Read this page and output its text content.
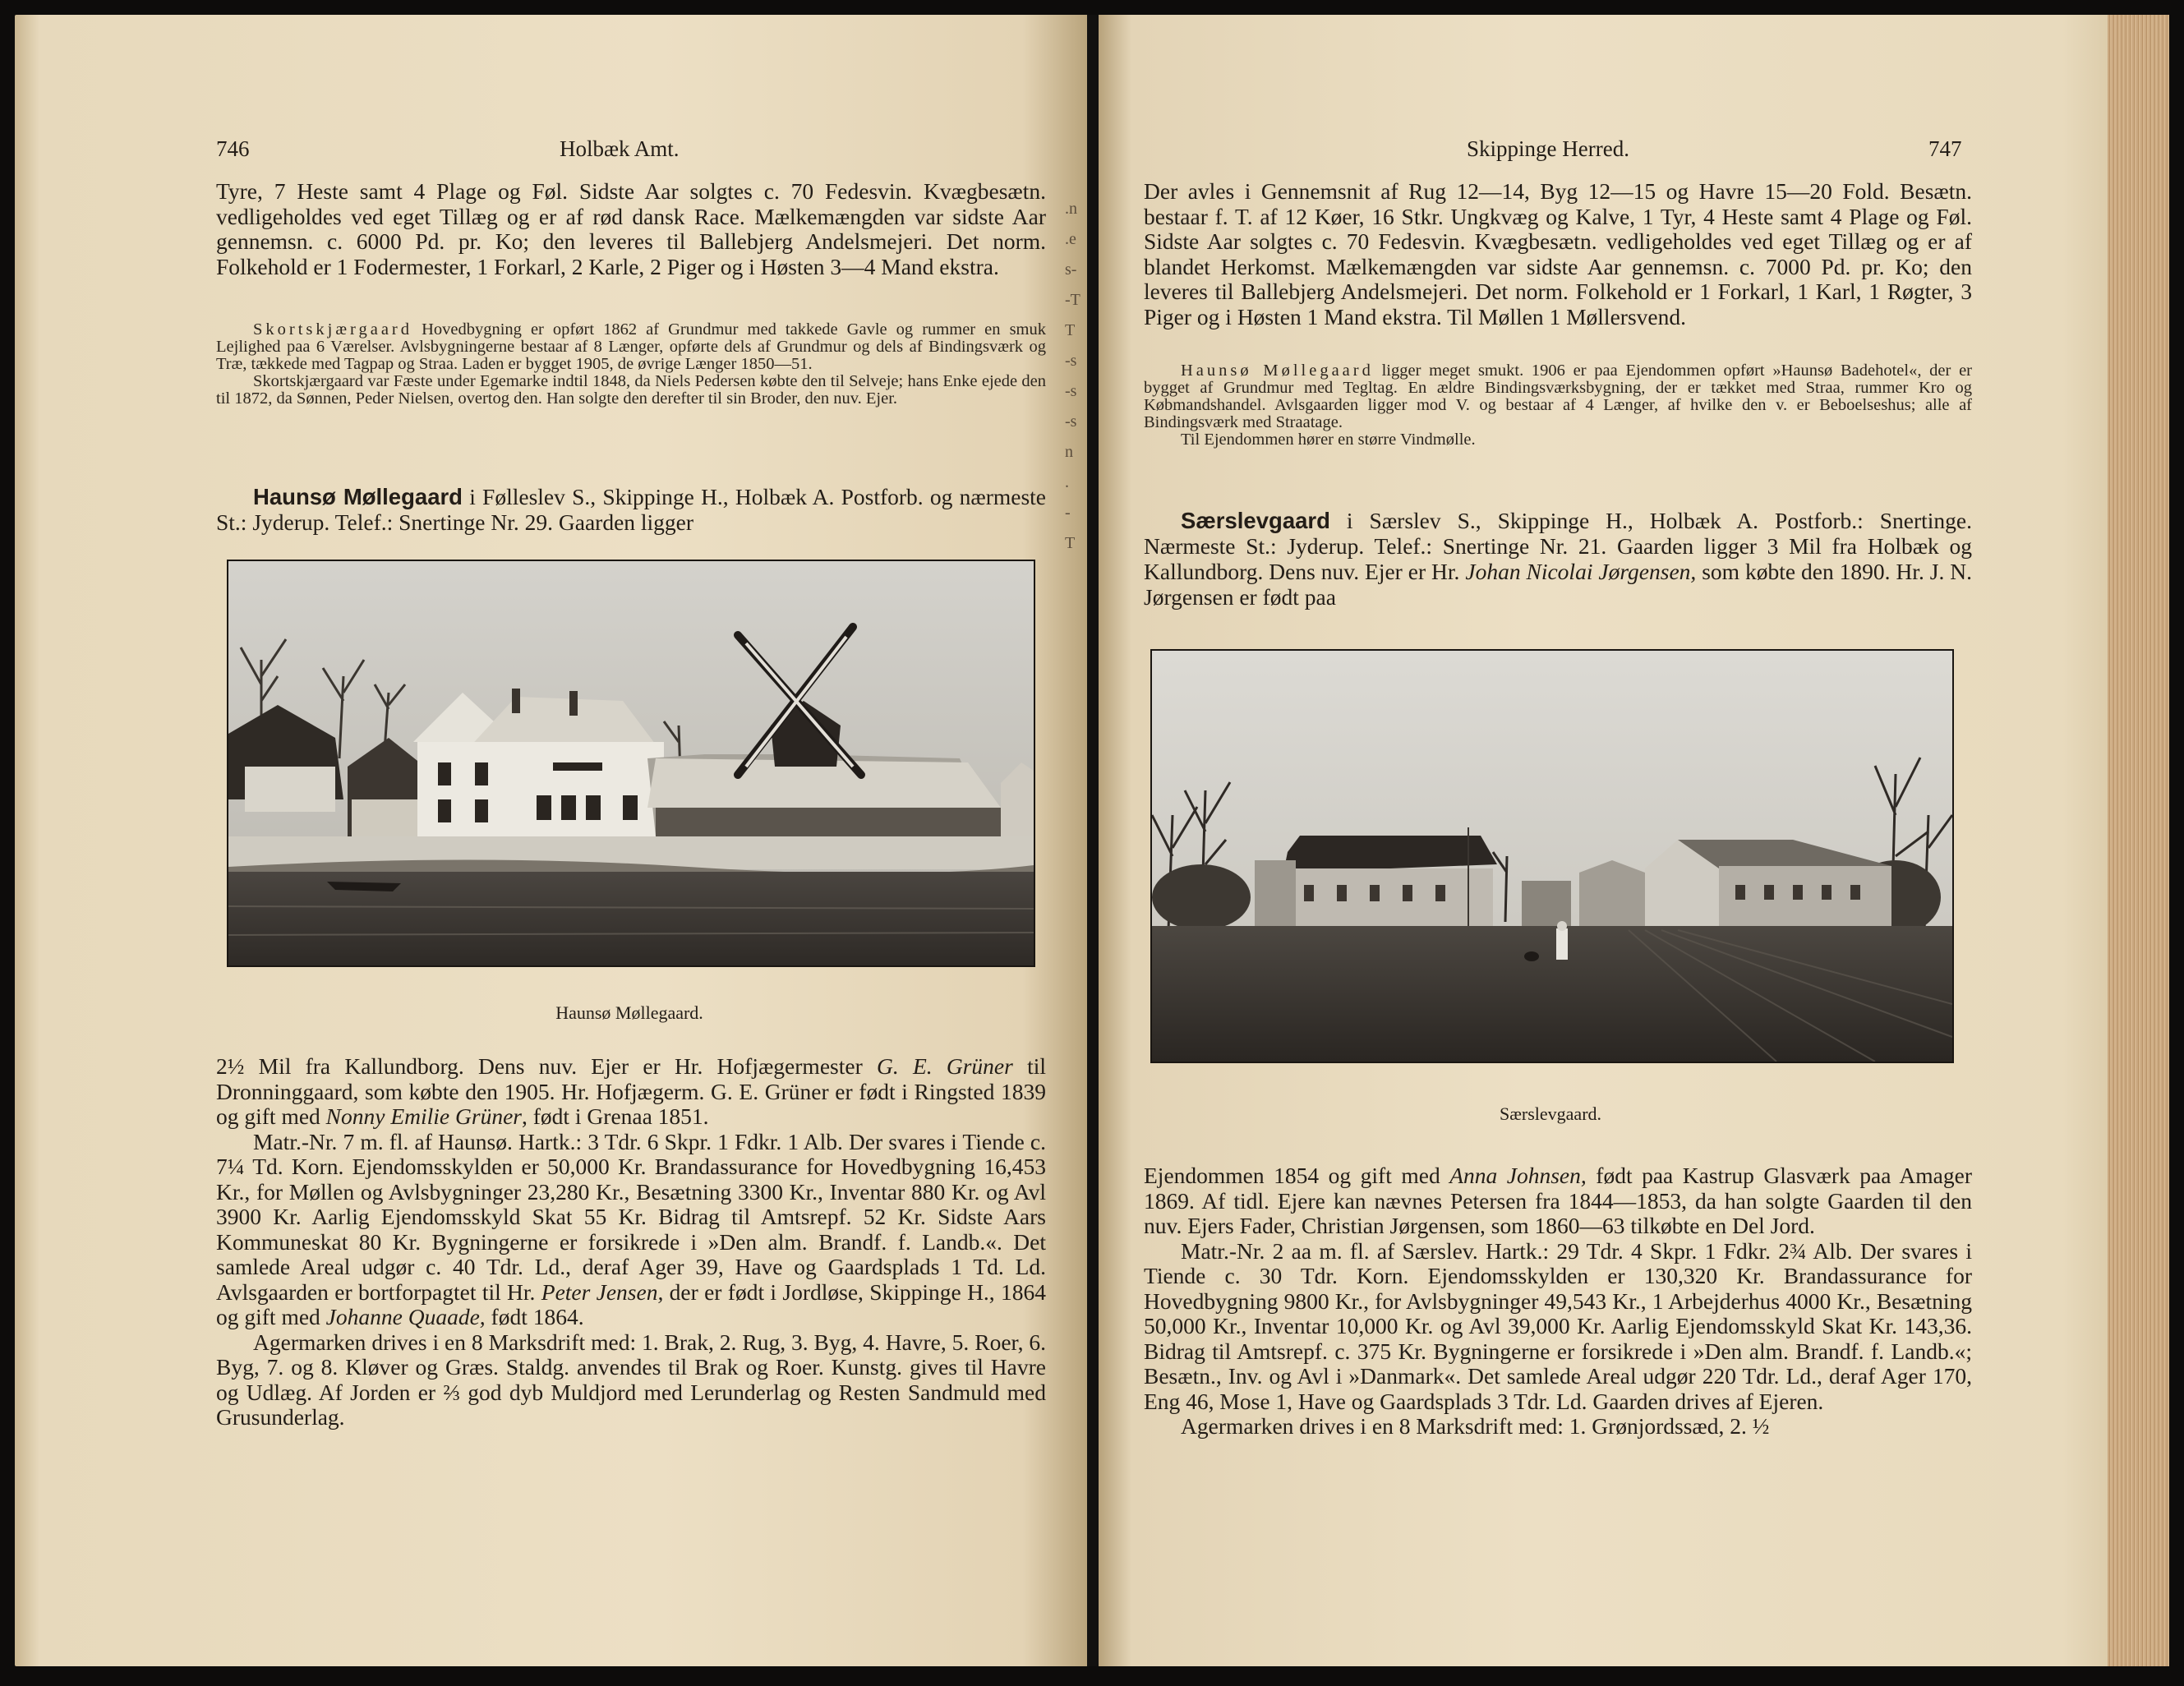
746	Holbæk Amt.

Tyre, 7 Heste samt 4 Plage og Føl. Sidste Aar solgtes c. 70 Fedesvin. Kvægbesætn. vedligeholdes ved eget Tillæg og er af rød dansk Race. Mælkemængden var sidste Aar gennemsn. c. 6000 Pd. pr. Ko; den leveres til Ballebjerg Andelsmejeri. Det norm. Folkehold er 1 Fodermester, 1 Forkarl, 2 Karle, 2 Piger og i Høsten 3—4 Mand ekstra.

Skortskjærgaard Hovedbygning er opført 1862 af Grundmur med takkede Gavle og rummer en smuk Lejlighed paa 6 Værelser. Avlsbygningerne bestaar af 8 Længer, opførte dels af Grundmur og dels af Bindingsværk og Træ, tækkede med Tagpap og Straa. Laden er bygget 1905, de øvrige Længer 1850—51.

Skortskjærgaard var Fæste under Egemarke indtil 1848, da Niels Pedersen købte den til Selveje; hans Enke ejede den til 1872, da Sønnen, Peder Nielsen, overtog den. Han solgte den derefter til sin Broder, den nuv. Ejer.

Haunsø Møllegaard i Følleslev S., Skippinge H., Holbæk A. Postforb. og nærmeste St.: Jyderup. Telef.: Snertinge Nr. 29. Gaarden ligger

Haunsø Møllegaard.

2½ Mil fra Kallundborg. Dens nuv. Ejer er Hr. Hofjægermester G. E. Grüner til Dronninggaard, som købte den 1905. Hr. Hofjægerm. G. E. Grüner er født i Ringsted 1839 og gift med Nonny Emilie Grüner, født i Grenaa 1851.

Matr.-Nr. 7 m. fl. af Haunsø. Hartk.: 3 Tdr. 6 Skpr. 1 Fdkr. 1 Alb. Der svares i Tiende c. 7¼ Td. Korn. Ejendomsskylden er 50,000 Kr. Brandassurance for Hovedbygning 16,453 Kr., for Møllen og Avlsbygninger 23,280 Kr., Besætning 3300 Kr., Inventar 880 Kr. og Avl 3900 Kr. Aarlig Ejendomsskyld Skat 55 Kr. Bidrag til Amtsrepf. 52 Kr. Sidste Aars Kommuneskat 80 Kr. Bygningerne er forsikrede i »Den alm. Brandf. f. Landb.«. Det samlede Areal udgør c. 40 Tdr. Ld., deraf Ager 39, Have og Gaardsplads 1 Td. Ld. Avlsgaarden er bortforpagtet til Hr. Peter Jensen, der er født i Jordløse, Skippinge H., 1864 og gift med Johanne Quaade, født 1864.

Agermarken drives i en 8 Marksdrift med: 1. Brak, 2. Rug, 3. Byg, 4. Havre, 5. Roer, 6. Byg, 7. og 8. Kløver og Græs. Staldg. anvendes til Brak og Roer. Kunstg. gives til Havre og Udlæg. Af Jorden er ⅔ god dyb Muldjord med Lerunderlag og Resten Sandmuld med Grusunderlag.

.n
.e
s-
-T
T
-s
-s
-s
n
.
-
T
Skippinge Herred.	747

Der avles i Gennemsnit af Rug 12—14, Byg 12—15 og Havre 15—20 Fold. Besætn. bestaar f. T. af 12 Køer, 16 Stkr. Ungkvæg og Kalve, 1 Tyr, 4 Heste samt 4 Plage og Føl. Sidste Aar solgtes c. 70 Fedesvin. Kvægbesætn. vedligeholdes ved eget Tillæg og er af blandet Herkomst. Mælkemængden var sidste Aar gennemsn. c. 7000 Pd. pr. Ko; den leveres til Ballebjerg Andelsmejeri. Det norm. Folkehold er 1 Forkarl, 1 Karl, 1 Røgter, 3 Piger og i Høsten 1 Mand ekstra. Til Møllen 1 Møllersvend.

Haunsø Møllegaard ligger meget smukt. 1906 er paa Ejendommen opført »Haunsø Badehotel«, der er bygget af Grundmur med Tegltag. En ældre Bindingsværksbygning, der er tækket med Straa, rummer Kro og Købmandshandel. Avlsgaarden ligger mod V. og bestaar af 4 Længer, af hvilke den v. er Beboelseshus; alle af Bindingsværk med Straatage.

Til Ejendommen hører en større Vindmølle.

Særslevgaard i Særslev S., Skippinge H., Holbæk A. Postforb.: Snertinge. Nærmeste St.: Jyderup. Telef.: Snertinge Nr. 21. Gaarden ligger 3 Mil fra Holbæk og Kallundborg. Dens nuv. Ejer er Hr. Johan Nicolai Jørgensen, som købte den 1890. Hr. J. N. Jørgensen er født paa

Særslevgaard.

Ejendommen 1854 og gift med Anna Johnsen, født paa Kastrup Glasværk paa Amager 1869. Af tidl. Ejere kan nævnes Petersen fra 1844—1853, da han solgte Gaarden til den nuv. Ejers Fader, Christian Jørgensen, som 1860—63 tilkøbte en Del Jord.

Matr.-Nr. 2 aa m. fl. af Særslev. Hartk.: 29 Tdr. 4 Skpr. 1 Fdkr. 2¾ Alb. Der svares i Tiende c. 30 Tdr. Korn. Ejendomsskylden er 130,320 Kr. Brandassurance for Hovedbygning 9800 Kr., for Avlsbygninger 49,543 Kr., 1 Arbejderhus 4000 Kr., Besætning 50,000 Kr., Inventar 10,000 Kr. og Avl 39,000 Kr. Aarlig Ejendomsskyld Skat Kr. 143,36. Bidrag til Amtsrepf. c. 375 Kr. Bygningerne er forsikrede i »Den alm. Brandf. f. Landb.«; Besætn., Inv. og Avl i »Danmark«. Det samlede Areal udgør 220 Tdr. Ld., deraf Ager 170, Eng 46, Mose 1, Have og Gaardsplads 3 Tdr. Ld. Gaarden drives af Ejeren.

Agermarken drives i en 8 Marksdrift med: 1. Grønjordssæd, 2. ½
